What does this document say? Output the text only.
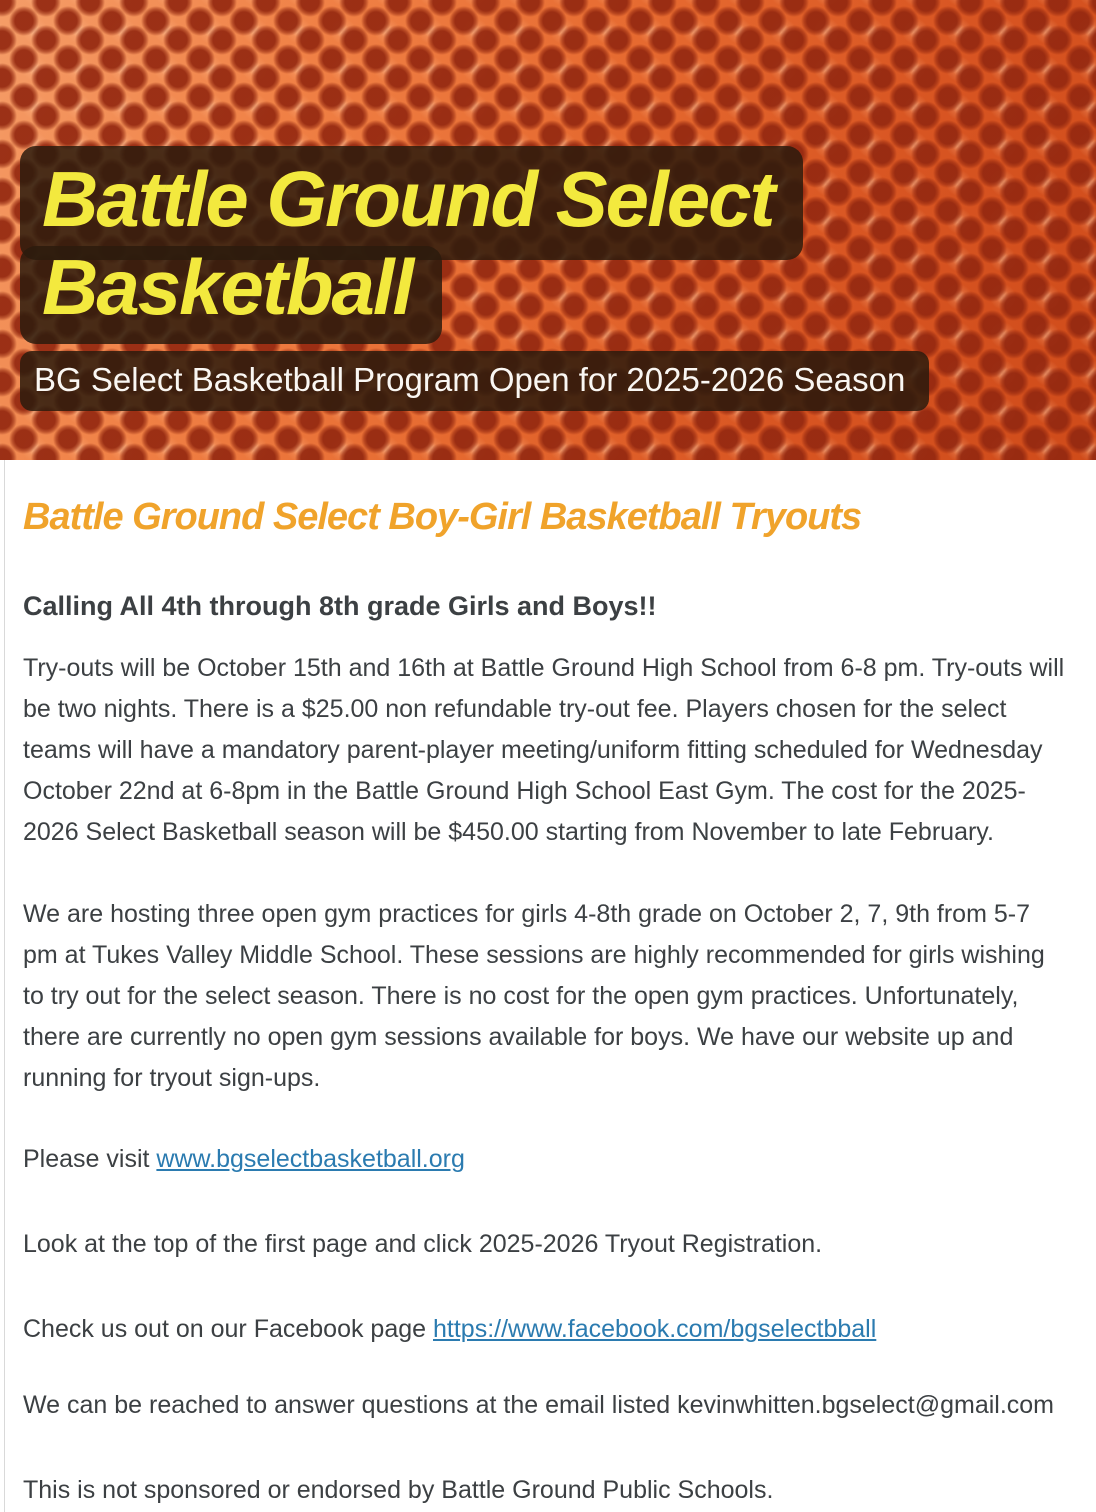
Battle Ground Select
Basketball
BG Select Basketball Program Open for 2025-2026 Season
Battle Ground Select Boy-Girl Basketball Tryouts
Calling All 4th through 8th grade Girls and Boys!!

Try-outs will be October 15th and 16th at Battle Ground High School from 6-8 pm. Try-outs will be two nights. There is a $25.00 non refundable try-out fee. Players chosen for the select teams will have a mandatory parent-player meeting/uniform fitting scheduled for Wednesday October 22nd at 6-8pm in the Battle Ground High School East Gym. The cost for the 2025-2026 Select Basketball season will be $450.00 starting from November to late February.

We are hosting three open gym practices for girls 4-8th grade on October 2, 7, 9th from 5-7 pm at Tukes Valley Middle School. These sessions are highly recommended for girls wishing to try out for the select season. There is no cost for the open gym practices. Unfortunately, there are currently no open gym sessions available for boys. We have our website up and running for tryout sign-ups.

Please visit www.bgselectbasketball.org

Look at the top of the first page and click 2025-2026 Tryout Registration.

Check us out on our Facebook page https://www.facebook.com/bgselectbball

We can be reached to answer questions at the email listed kevinwhitten.bgselect@gmail.com

This is not sponsored or endorsed by Battle Ground Public Schools.
